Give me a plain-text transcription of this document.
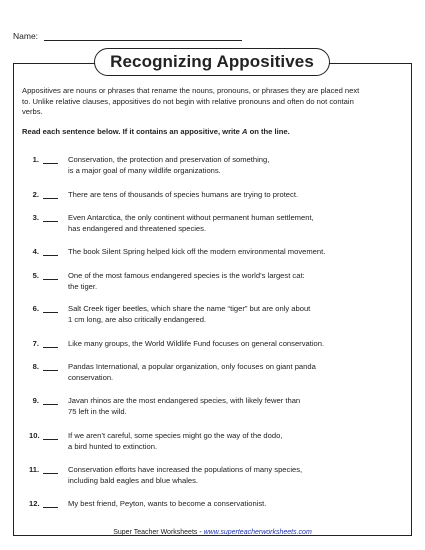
Name:
Recognizing Appositives

Appositives are nouns or phrases that rename the nouns, pronouns, or phrases they are placed next to. Unlike relative clauses, appositives do not begin with relative pronouns and often do not contain verbs.

Read each sentence below. If it contains an appositive, write A on the line.

1.	Conservation, the protection and preservation of something,
is a major goal of many wildlife organizations.
2.	There are tens of thousands of species humans are trying to protect.
3.	Even Antarctica, the only continent without permanent human settlement,
has endangered and threatened species.
4.	The book Silent Spring helped kick off the modern environmental movement.
5.	One of the most famous endangered species is the world’s largest cat:
the tiger.
6.	Salt Creek tiger beetles, which share the name “tiger” but are only about
1 cm long, are also critically endangered.
7.	Like many groups, the World Wildlife Fund focuses on general conservation.
8.	Pandas International, a popular organization, only focuses on giant panda
conservation.
9.	Javan rhinos are the most endangered species, with likely fewer than
75 left in the wild.
10.	If we aren’t careful, some species might go the way of the dodo,
a bird hunted to extinction.
11.	Conservation efforts have increased the populations of many species,
including bald eagles and blue whales.
12.	My best friend, Peyton, wants to become a conservationist.
Super Teacher Worksheets - www.superteacherworksheets.com
